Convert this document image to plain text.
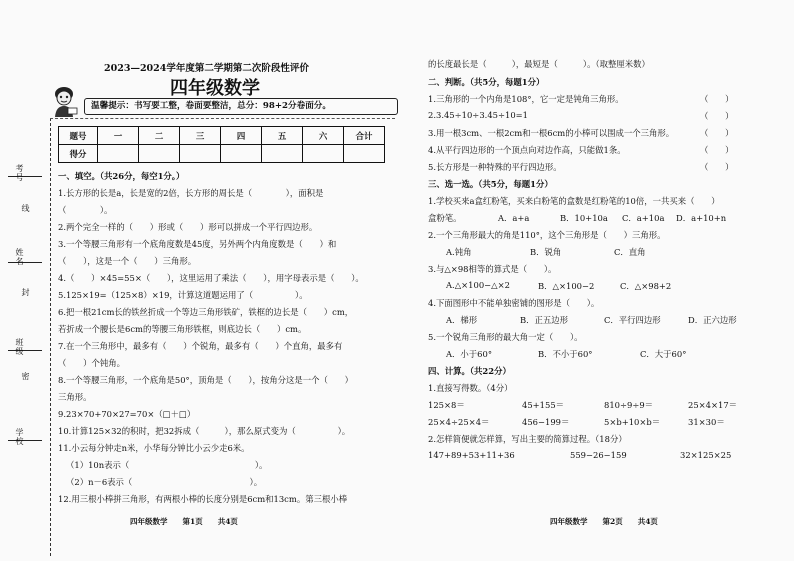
考号
线
姓名
封
班级
密
学校
2023—2024学年度第二学期第二次阶段性评价
四年级数学
温馨提示：书写要工整，卷面要整洁，总分：98+2分卷面分。
题号	一	二	三	四	五	六	合计
得分							
一、填空。（共26分，每空1分。）
1.长方形的长是a，长是宽的2倍，长方形的周长是（　　　　），面积是
（　　　　）。
2.两个完全一样的（　　）形或（　　）形可以拼成一个平行四边形。
3.一个等腰三角形有一个底角度数是45度，另外两个内角度数是（　　）和
（　　），这是一个（　　）三角形。
4.（　　）×45=55×（　　），这里运用了乘法（　　），用字母表示是（　　）。
5.125×19=（125×8）×19，计算这道题运用了（　　　　　）。
6.把一根21cm长的铁丝折成一个等边三角形铁矿，铁框的边长是（　　）cm，
若折成一个腰长是6cm的等腰三角形铁框，则底边长（　　）cm。
7.在一个三角形中，最多有（　　）个锐角，最多有（　　）个直角，最多有
（　　）个钝角。
8.一个等腰三角形，一个底角是50°，顶角是（　　），按角分这是一个（　　）
三角形。
9.23×70+70×27=70×（□＋□）
10.计算125×32的积时，把32拆成（　　　），那么原式变为（　　　　　）。
11.小云每分钟走n米，小华每分钟比小云少走6米。
（1）10n表示（　　　　　　　　　　　　　　　）。
（2）n－6表示（　　　　　　　　　　　　　　）。
12.用三根小棒拼三角形，有两根小棒的长度分别是6cm和13cm。第三根小棒
四年级数学　　第1页　　共4页
的长度最长是（　　　），最短是（　　　）。（取整厘米数）
二、判断。（共5分，每题1分）
1.三角形的一个内角是108°，它一定是钝角三角形。	（　　）
2.3.45÷10÷3.45÷10=1	（　　）
3.用一根3cm、一根2cm和一根6cm的小棒可以围成一个三角形。	（　　）
4.从平行四边形的一个顶点向对边作高，只能做1条。	（　　）
5.长方形是一种特殊的平行四边形。	（　　）
三、选一选。（共5分，每题1分）
1.学校买来a盒红粉笔，买来白粉笔的盒数是红粉笔的10倍，一共买来（　　）
盒粉笔。	A．a+a	B．10+10a C．a+10a D．a+10+n
2.一个三角形最大的角是110°，这个三角形是（　　）三角形。
A.钝角	B．锐角	C．直角
3.与△×98相等的算式是（　　）。
A.△×100−△×2	B．△×100−2	C．△×98+2
4.下面图形中不能单独密铺的图形是（　　）。
A．梯形	B．正五边形	C．平行四边形	D．正六边形
5.一个锐角三角形的最大角一定（　　）。
A．小于60°	B．不小于60°	C．大于60°
四、计算。（共22分）
1.直接写得数。（4分）
125×8＝	45+155＝	810÷9÷9＝	25×4×17＝
25×4÷25×4＝	456−199＝	5×b+10×b＝	31×30＝
2.怎样简便就怎样算，写出主要的简算过程。（18分）
147+89+53+11+36	559−26−159	32×125×25
四年级数学　　第2页　　共4页
